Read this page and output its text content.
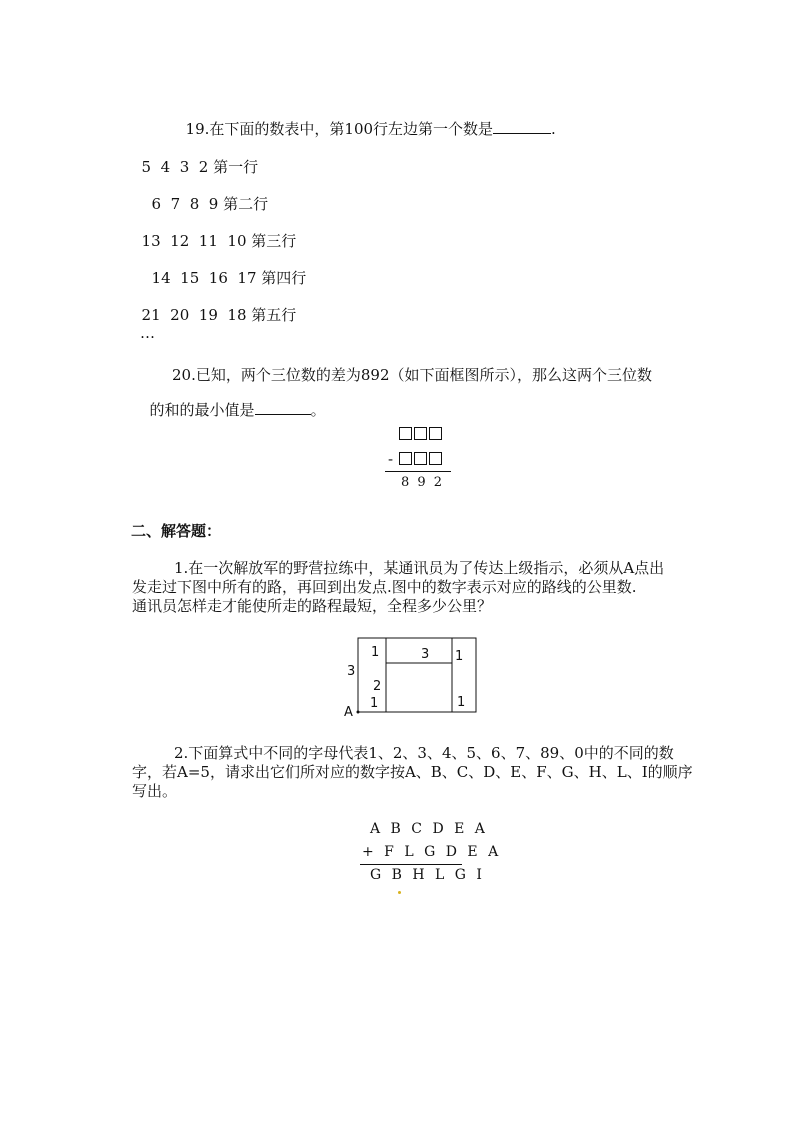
19.在下面的数表中，第100行左边第一个数是	.

5  4  3  2 第一行

6  7  8  9 第二行

13  12  11  10 第三行

14  15  16  17 第四行

21  20  19  18 第五行

…
20.已知，两个三位数的差为892（如下面框图所示），那么这两个三位数

的和的最小值是	。

-
8 9 2
二、解答题：
1.在一次解放军的野营拉练中，某通讯员为了传达上级指示，必须从A点出
发走过下图中所有的路，再回到出发点.图中的数字表示对应的路线的公里数.
通讯员怎样走才能使所走的路程最短，全程多少公里？
1	3 1
3
2
1	1
A
2.下面算式中不同的字母代表1、2、3、4、5、6、7、89、0中的不同的数
字，若A=5，请求出它们所对应的数字按A、B、C、D、E、F、G、H、L、I的顺序
写出。
A B C D E A
+ F L G D E A
G B H L G I
